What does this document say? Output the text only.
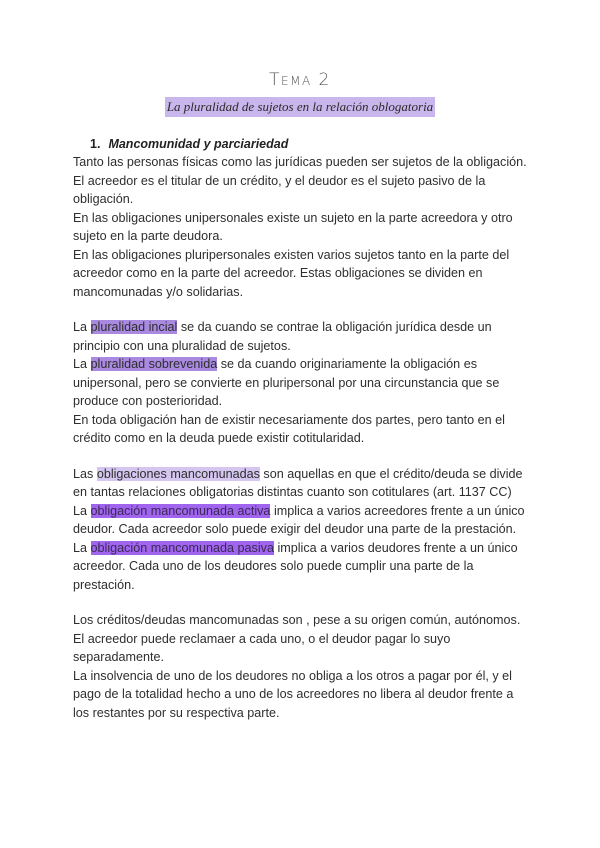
Tema 2
La pluralidad de sujetos en la relación oblogatoria
1. Mancomunidad y parciariedad

Tanto las personas físicas como las jurídicas pueden ser sujetos de la obligación.

El acreedor es el titular de un crédito, y el deudor es el sujeto pasivo de la obligación.

En las obligaciones unipersonales existe un sujeto en la parte acreedora y otro sujeto en la parte deudora.

En las obligaciones pluripersonales existen varios sujetos tanto en la parte del acreedor como en la parte del acreedor. Estas obligaciones se dividen en mancomunadas y/o solidarias.

La pluralidad incial se da cuando se contrae la obligación jurídica desde un principio con una pluralidad de sujetos.

La pluralidad sobrevenida se da cuando originariamente la obligación es unipersonal, pero se convierte en pluripersonal por una circunstancia que se produce con posterioridad.

En toda obligación han de existir necesariamente dos partes, pero tanto en el crédito como en la deuda puede existir cotitularidad.

Las obligaciones mancomunadas son aquellas en que el crédito/deuda se divide en tantas relaciones obligatorias distintas cuanto son cotitulares (art. 1137 CC)

La obligación mancomunada activa implica a varios acreedores frente a un único deudor. Cada acreedor solo puede exigir del deudor una parte de la prestación.

La obligación mancomunada pasiva implica a varios deudores frente a un único acreedor. Cada uno de los deudores solo puede cumplir una parte de la prestación.

Los créditos/deudas mancomunadas son , pese a su origen común, autónomos.

El acreedor puede reclamaer a cada uno, o el deudor pagar lo suyo separadamente.

La insolvencia de uno de los deudores no obliga a los otros a pagar por él, y el pago de la totalidad hecho a uno de los acreedores no libera al deudor frente a los restantes por su respectiva parte.
